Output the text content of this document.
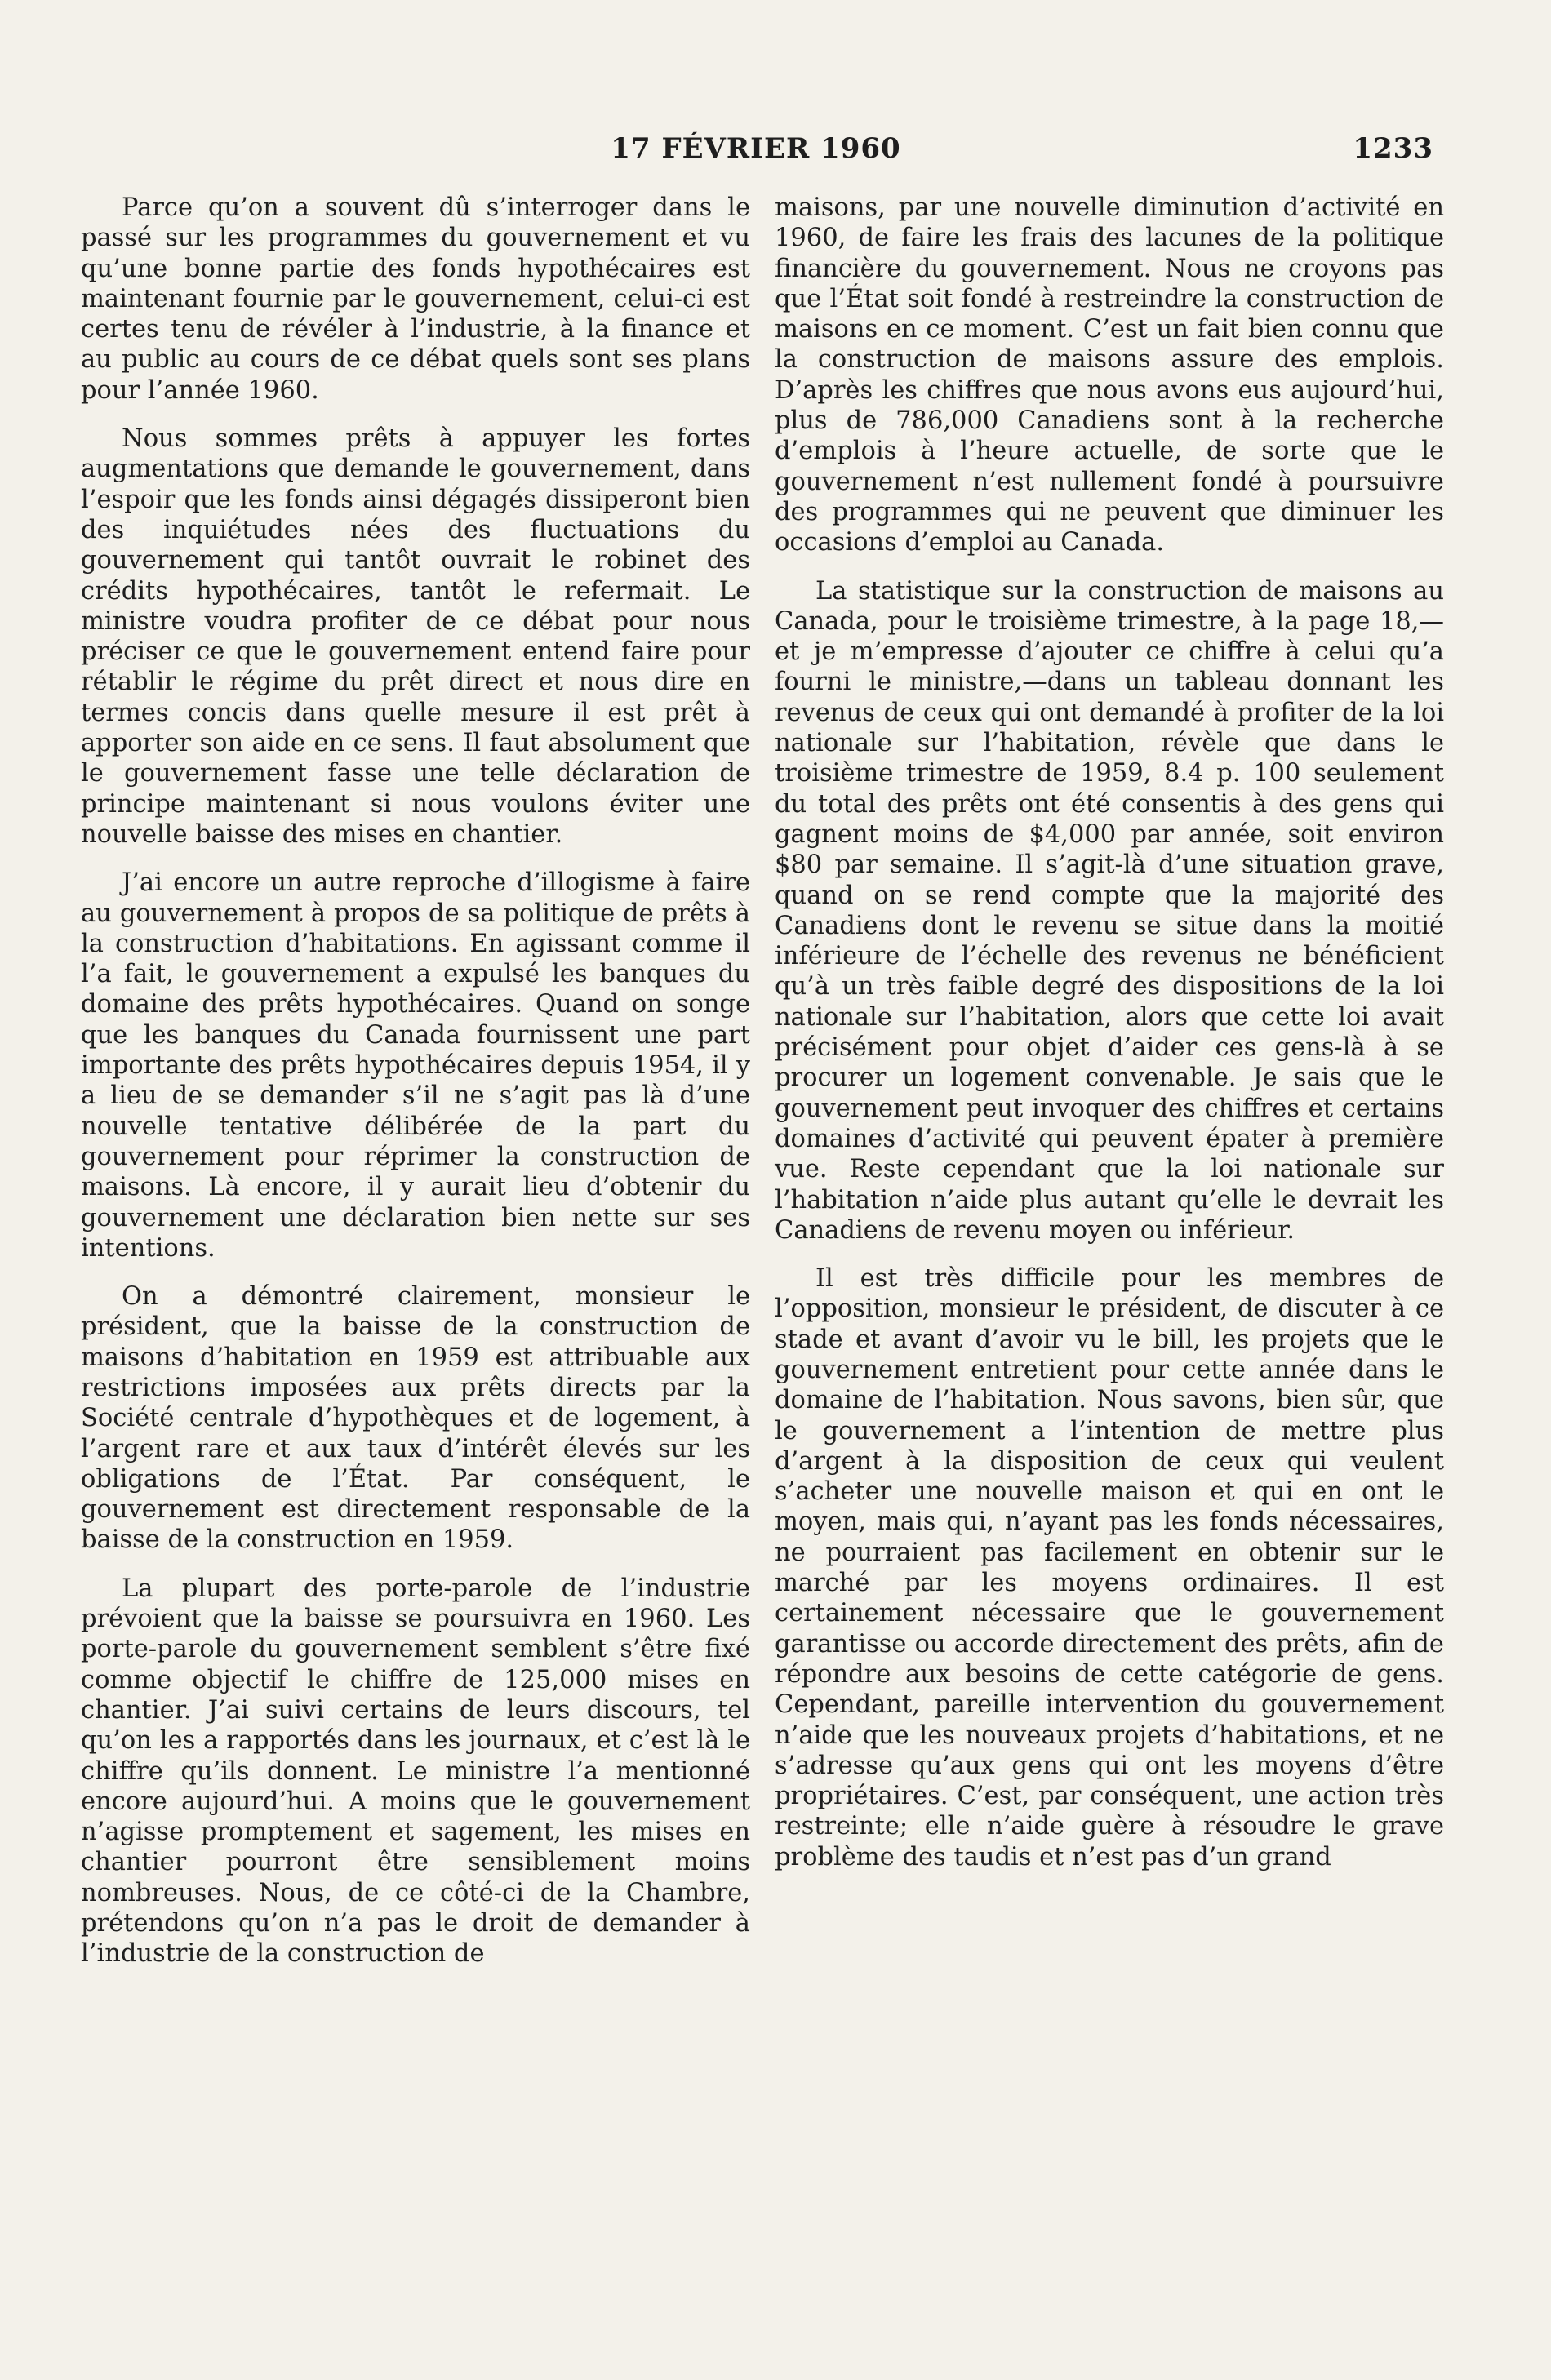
17 FÉVRIER 1960	1233

Parce qu’on a souvent dû s’interroger dans le passé sur les programmes du gouvernement et vu qu’une bonne partie des fonds hypothécaires est maintenant fournie par le gouvernement, celui-ci est certes tenu de révéler à l’industrie, à la finance et au public au cours de ce débat quels sont ses plans pour l’année 1960.

Nous sommes prêts à appuyer les fortes augmentations que demande le gouvernement, dans l’espoir que les fonds ainsi dégagés dissiperont bien des inquiétudes nées des fluctuations du gouvernement qui tantôt ouvrait le robinet des crédits hypothécaires, tantôt le refermait. Le ministre voudra profiter de ce débat pour nous préciser ce que le gouvernement entend faire pour rétablir le régime du prêt direct et nous dire en termes concis dans quelle mesure il est prêt à apporter son aide en ce sens. Il faut absolument que le gouvernement fasse une telle déclaration de principe maintenant si nous voulons éviter une nouvelle baisse des mises en chantier.

J’ai encore un autre reproche d’illogisme à faire au gouvernement à propos de sa politique de prêts à la construction d’habitations. En agissant comme il l’a fait, le gouvernement a expulsé les banques du domaine des prêts hypothécaires. Quand on songe que les banques du Canada fournissent une part importante des prêts hypothécaires depuis 1954, il y a lieu de se demander s’il ne s’agit pas là d’une nouvelle tentative délibérée de la part du gouvernement pour réprimer la construction de maisons. Là encore, il y aurait lieu d’obtenir du gouvernement une déclaration bien nette sur ses intentions.

On a démontré clairement, monsieur le président, que la baisse de la construction de maisons d’habitation en 1959 est attribuable aux restrictions imposées aux prêts directs par la Société centrale d’hypothèques et de logement, à l’argent rare et aux taux d’intérêt élevés sur les obligations de l’État. Par conséquent, le gouvernement est directement responsable de la baisse de la construction en 1959.

La plupart des porte-parole de l’industrie prévoient que la baisse se poursuivra en 1960. Les porte-parole du gouvernement semblent s’être fixé comme objectif le chiffre de 125,000 mises en chantier. J’ai suivi certains de leurs discours, tel qu’on les a rapportés dans les journaux, et c’est là le chiffre qu’ils donnent. Le ministre l’a mentionné encore aujourd’hui. A moins que le gouvernement n’agisse promptement et sagement, les mises en chantier pourront être sensiblement moins nombreuses. Nous, de ce côté-ci de la Chambre, prétendons qu’on n’a pas le droit de demander à l’industrie de la construction de

maisons, par une nouvelle diminution d’activité en 1960, de faire les frais des lacunes de la politique financière du gouvernement. Nous ne croyons pas que l’État soit fondé à restreindre la construction de maisons en ce moment. C’est un fait bien connu que la construction de maisons assure des emplois. D’après les chiffres que nous avons eus aujourd’hui, plus de 786,000 Canadiens sont à la recherche d’emplois à l’heure actuelle, de sorte que le gouvernement n’est nullement fondé à poursuivre des programmes qui ne peuvent que diminuer les occasions d’emploi au Canada.

La statistique sur la construction de maisons au Canada, pour le troisième trimestre, à la page 18,—et je m’empresse d’ajouter ce chiffre à celui qu’a fourni le ministre,—dans un tableau donnant les revenus de ceux qui ont demandé à profiter de la loi nationale sur l’habitation, révèle que dans le troisième trimestre de 1959, 8.4 p. 100 seulement du total des prêts ont été consentis à des gens qui gagnent moins de $4,000 par année, soit environ $80 par semaine. Il s’agit-là d’une situation grave, quand on se rend compte que la majorité des Canadiens dont le revenu se situe dans la moitié inférieure de l’échelle des revenus ne bénéficient qu’à un très faible degré des dispositions de la loi nationale sur l’habitation, alors que cette loi avait précisément pour objet d’aider ces gens-là à se procurer un logement convenable. Je sais que le gouvernement peut invoquer des chiffres et certains domaines d’activité qui peuvent épater à première vue. Reste cependant que la loi nationale sur l’habitation n’aide plus autant qu’elle le devrait les Canadiens de revenu moyen ou inférieur.

Il est très difficile pour les membres de l’opposition, monsieur le président, de discuter à ce stade et avant d’avoir vu le bill, les projets que le gouvernement entretient pour cette année dans le domaine de l’habitation. Nous savons, bien sûr, que le gouvernement a l’intention de mettre plus d’argent à la disposition de ceux qui veulent s’acheter une nouvelle maison et qui en ont le moyen, mais qui, n’ayant pas les fonds nécessaires, ne pourraient pas facilement en obtenir sur le marché par les moyens ordinaires. Il est certainement nécessaire que le gouvernement garantisse ou accorde directement des prêts, afin de répondre aux besoins de cette catégorie de gens. Cependant, pareille intervention du gouvernement n’aide que les nouveaux projets d’habitations, et ne s’adresse qu’aux gens qui ont les moyens d’être propriétaires. C’est, par conséquent, une action très restreinte; elle n’aide guère à résoudre le grave problème des taudis et n’est pas d’un grand
